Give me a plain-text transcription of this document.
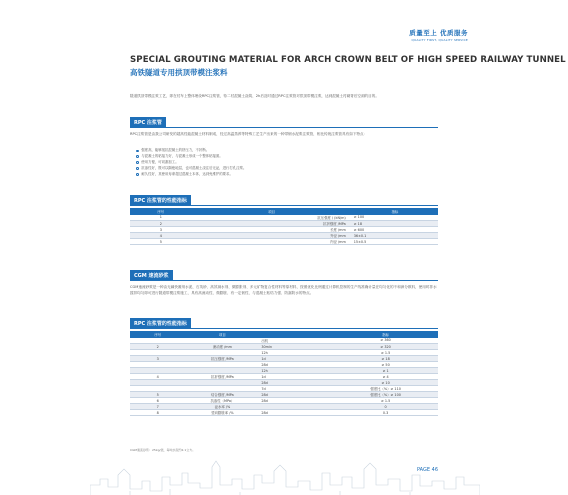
质量至上 优质服务
QUALITY FIRST, QUALITY SERVICE
SPECIAL GROUTING MATERIAL FOR ARCH CROWN BELT OF HIGH SPEED RAILWAY TUNNEL
高铁隧道专用拱顶带模注浆料

隧道拱顶带模注浆工艺，即在衬车上整体埋设RPC注浆管，待二衬混凝土浇筑、2h后及时通过RPC注浆管对拱顶带模注浆，达到混凝土衬砌背后空洞的目的。

RPC 注浆管

RPC注浆管是由我公司研发的超高性能混凝土材料制成，经过高温蒸养等特殊工艺生产出来的一种带倒水泥浆注浆管，相比传统注浆管具有如下特点：

强度高，能够抵抗混凝土的挤压力，不折断。
与混凝土的粘接力好，与混凝土形成一个整体粘接面。
使用方便，可切割加工。
抗渗性好，既可以隔绝地层，也可混凝土浇注后无泌，进行打孔注浆。
耐久性好，其使用寿命超过混凝土本体，达到免维护的要求。
RPC 注浆管的性能指标
序号	项目	指标
1	抗压强度 / (kN/m)	≥ 100
2	抗折强度 /MPa	≥ 18
3	长度 /mm	≥ 600
4	外径 /mm	36±0.1
5	内径 /mm	15±0.5
CGM 速流砂浆

CGM速流砂浆是一种由无碱快凝剂水泥、石英砂、高效减水剂、微膨胀剂、多元矿物复合性材料等原材料，按照优化比例通过计算机控制的生产线准确计量在均匀化的不和润分散料，使用时拌水搅拌均匀即可进行隧道带模注浆施工，具有高流动性、微膨胀、有一定韧性、与混凝土粘结力强、防漏防水的特点。

RPC 注浆管的性能指标
序号	项目		指标
		出机	≥ 360
2	流动度 /mm	30min	≥ 320
		12h	≥ 1.5
3	抗压强度 /MPa	1d	≥ 18
		28d	≥ 50
		12h	≥ 1
4	抗折强度 /MPa	1d	≥ 4
		28d	≥ 10
		7d	强度比（%）≥ 110
5	结合强度 /MPa	28d	强度比（%）≥ 100
6	抗渗性（MPa）	28d	≥ 1.5
7	泌水率 /%		0
8	竖向膨胀率 /%	28d	0.3
CGM速流砂浆：25kg/袋，每吨水泥约2.1立方。
PAGE 46
